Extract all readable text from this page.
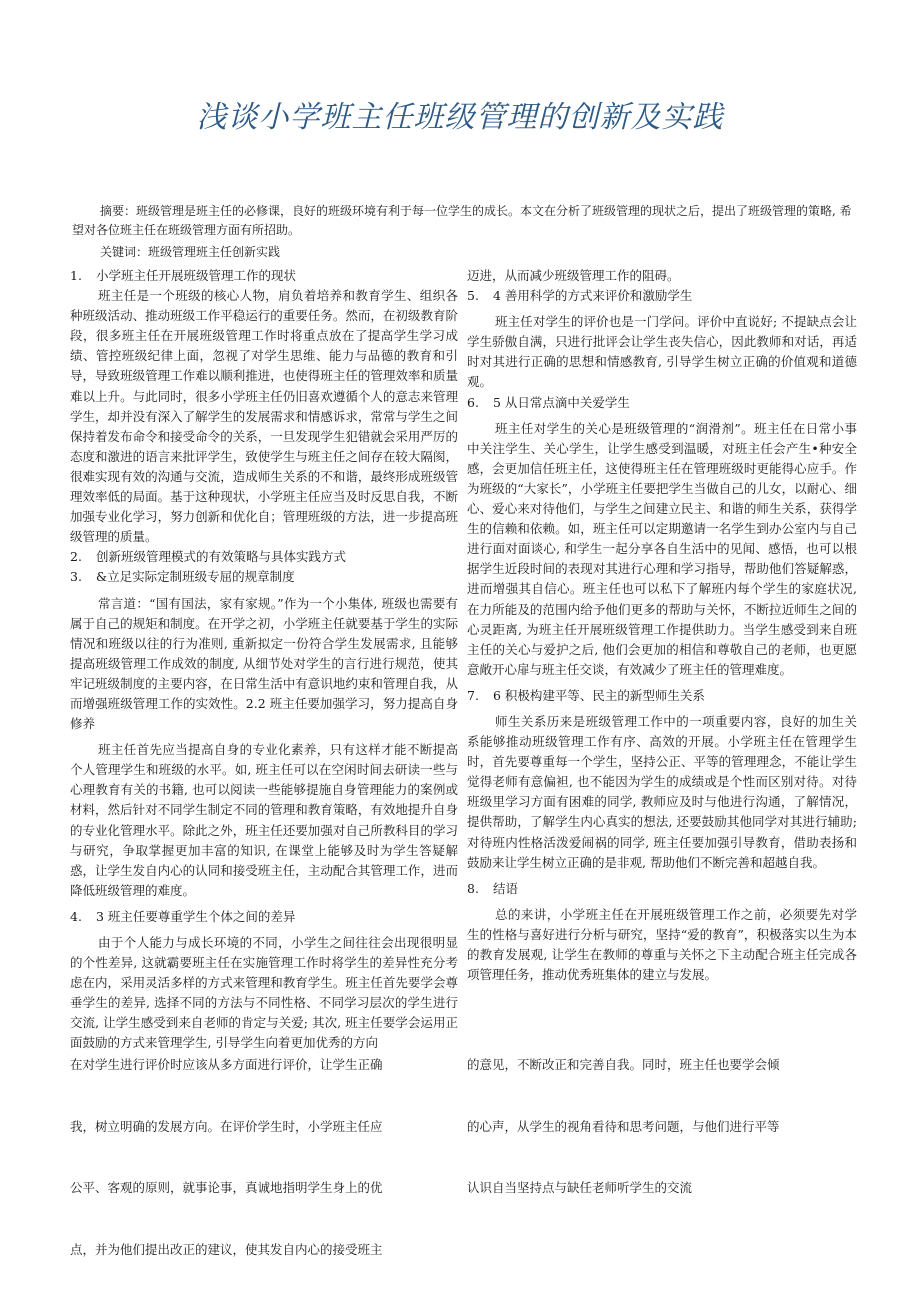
浅谈小学班主任班级管理的创新及实践
摘要：班级管理是班主任的必修课，良好的班级环境有利于每一位学生的成长。本文在分析了班级管理的现状之后，提出了班级管理的策略, 希望对各位班主任在班级管理方面有所招助。
关键词：班级管理班主任创新实践

1. 小学班主任开展班级管理工作的现状

班主任是一个班级的核心人物，肩负着培养和教育学生、组织各种班级活动、推动班级工作平稳运行的重要任务。然而，在初级教育阶段，很多班主任在开展班级管理工作时将重点放在了提高学生学习成绩、管控班级纪律上面，忽视了对学生思维、能力与品德的教育和引导，导致班级管理工作难以顺利推进，也使得班主任的管理效率和质量难以上升。与此同时，很多小学班主任仍旧喜欢遵循个人的意志来管理学生，却并没有深入了解学生的发展需求和情感诉求，常常与学生之间保持着发布命令和接受命令的关系，一旦发现学生犯错就会采用严厉的态度和激进的语言来批评学生，致使学生与班主任之间存在较大隔阂，很难实现有效的沟通与交流，造成师生关系的不和谐，最终形成班级管理效率低的局面。基于这种现状，小学班主任应当及时反思自我，不断加强专业化学习，努力创新和优化自；管理班级的方法，进一步提高班级管理的质量。

2. 创新班级管理模式的有效策略与具体实践方式

3. &立足实际定制班级专屈的规章制度

常言道：“国有国法，家有家规。”作为一个小集体, 班级也需要有属于自己的规矩和制度。在开学之初，小学班主任就要基于学生的实际情况和班级以往的行为准则, 重新拟定一份符合学生发展需求, 且能够提高班级管理工作成效的制度, 从细节处对学生的言行进行规范，使其牢记班级制度的主要内容，在日常生活中有意识地约束和管理自我，从而增强班级管理工作的实效性。2.2 班主任要加强学习，努力提高自身修养

班主任首先应当提高自身的专业化素养，只有这样才能不断提高个人管理学生和班级的水平。如, 班主任可以在空闲时间去研读一些与心理教育有关的书籍, 也可以阅读一些能够提施自身管理能力的案例或材料，然后针对不同学生制定不同的管理和教育策略，有效地提升自身的专业化管理水平。除此之外，班主任还要加强对自己所教科目的学习与研究，争取掌握更加丰富的知识, 在课堂上能够及时为学生答疑解惑，让学生发自内心的认同和接受班主任，主动配合其管理工作，进而降低班级管理的难度。

4. 3 班主任要尊重学生个体之间的差异

由于个人能力与成长环境的不同，小学生之间往往会出现很明显的个性差异, 这就霸要班主任在实施管理工作时将学生的差异性充分考虑在内，采用灵活多样的方式来管理和教育学生。班主任首先要学会尊垂学生的差异, 选择不同的方法与不同性格、不同学习层次的学生进行交流, 让学生感受到来自老师的肯定与关爱; 其次, 班主任要学会运用正面鼓励的方式来管理学生, 引导学生向着更加优秀的方向

迈进，从而减少班级管理工作的阻碍。

5. 4 善用科学的方式来评价和激励学生

班主任对学生的评价也是一门学问。评价中直说好; 不提缺点会让学生骄傲自满，只进行批评会让学生丧失信心，因此教师和对话，再适时对其进行正确的思想和情感教育, 引导学生树立正确的价值观和道德观。

6. 5 从日常点滴中关爱学生

班主任对学生的关心是班级管理的“润滑剂”。班主任在日常小事中关注学生、关心学生，让学生感受到温暖，对班主任会产生•种安全感，会更加信任班主任，这使得班主任在管理班级时更能得心应手。作为班级的“大家长”，小学班主任要把学生当做自己的儿女，以耐心、细心、爱心来对待他们，与学生之间建立民主、和谐的师生关系，获得学生的信赖和依赖。如，班主任可以定期邀请一名学生到办公室内与自己进行面对面谈心, 和学生一起分享各自生活中的见闻、感悟，也可以根据学生近段时间的表现对其进行心理和学习指导，帮助他们答疑解惑，进而增强其自信心。班主任也可以私下了解班内每个学生的家庭状况, 在力所能及的范围内给予他们更多的帮助与关怀，不断拉近师生之间的心灵距离, 为班主任开展班级管理工作提供助力。当学生感受到来自班主任的关心与爱护之后, 他们会更加的相信和尊敬自己的老师，也更愿意敞开心扉与班主任交谈，有效减少了班主任的管理难度。

7. 6 积极构建平等、民主的新型师生关系

师生关系历来是班级管理工作中的一项重要内容，良好的加生关系能够推动班级管理工作有序、高效的开展。小学班主任在管理学生时，首先要尊重每一个学生，坚持公正、平等的管理理念，不能让学生觉得老师有意偏袒, 也不能因为学生的成绩或是个性而区别对待。对待班级里学习方面有困难的同学, 教师应及时与他进行沟通，了解情况，提供帮助，了解学生内心真实的想法, 还要鼓励其他同学对其进行辅助; 对待班内性格活泼爱闹祸的同学, 班主任要加强引导教育，借助表扬和鼓励来让学生树立正确的是非观, 帮助他们不断完善和超越自我。

8. 结语

总的来讲，小学班主任在开展班级管理工作之前，必须要先对学生的性格与喜好进行分析与研究，坚持“爱的教育”，积极落实以生为本的教育发展观, 让学生在教师的尊重与关怀之下主动配合班主任完成各项管理任务，推动优秀班集体的建立与发展。

在对学生进行评价时应该从多方面进行评价，让学生正确

我，树立明确的发展方向。在评价学生时，小学班主任应

公平、客观的原则，就事论事，真诚地指明学生身上的优

点，并为他们提出改正的建议，使其发自内心的接受班主

的意见，不断改正和完善自我。同时，班主任也要学会倾

的心声，从学生的视角看待和思考问题，与他们进行平等

认识自当坚持点与缺任老师听学生的交流
